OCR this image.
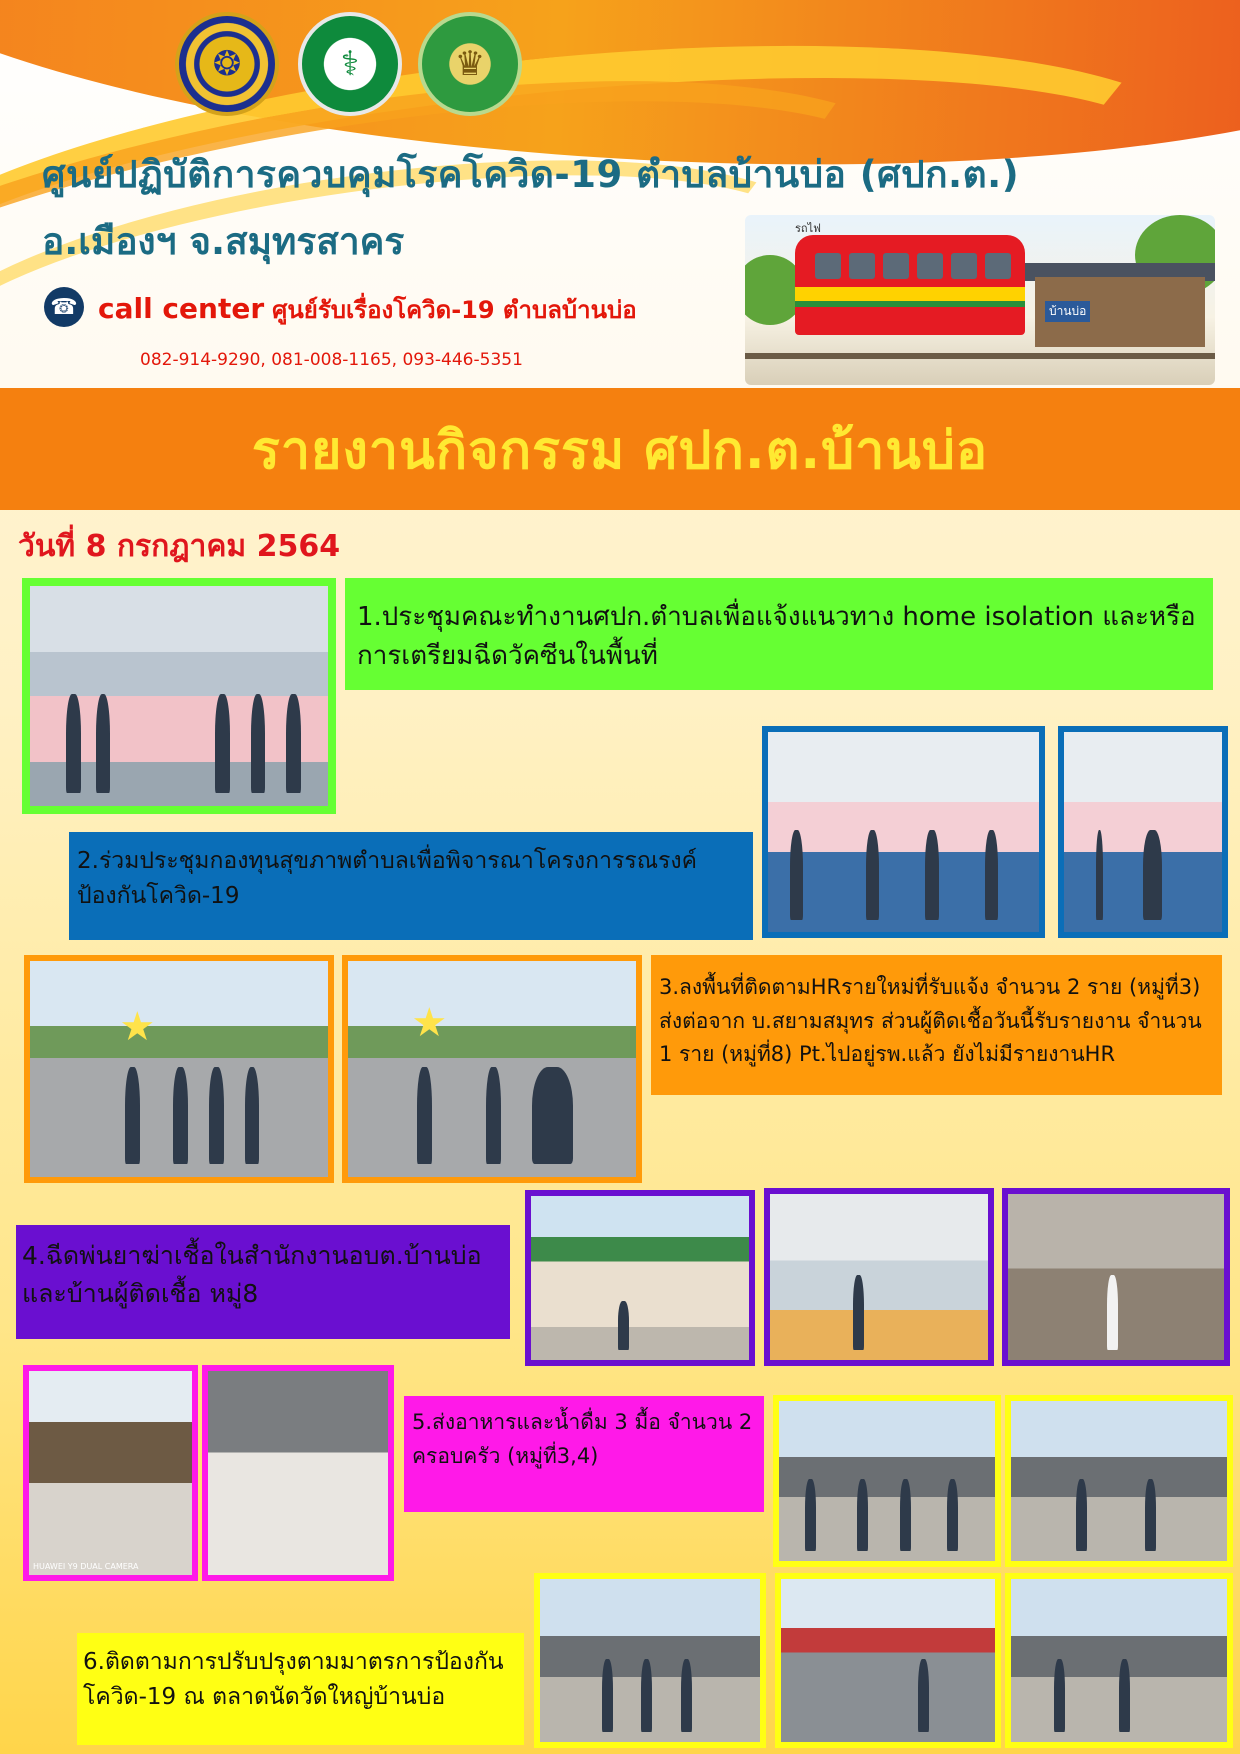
❂	⚕	♛
ศูนย์ปฏิบัติการควบคุมโรคโควิด-19 ตำบลบ้านบ่อ (ศปก.ต.)
อ.เมืองฯ จ.สมุทรสาคร
☎ call center ศูนย์รับเรื่องโควิด-19 ตำบลบ้านบ่อ
082-914-9290, 081-008-1165, 093-446-5351
รถไฟ
บ้านบ่อ
รายงานกิจกรรม ศปก.ต.บ้านบ่อ
วันที่ 8 กรกฎาคม 2564
1.ประชุมคณะทำงานศปก.ตำบลเพื่อแจ้งแนวทาง home isolation และหรือการเตรียมฉีดวัคซีนในพื้นที่
2.ร่วมประชุมกองทุนสุขภาพตำบลเพื่อพิจารณาโครงการรณรงค์ป้องกันโควิด-19
★	★
3.ลงพื้นที่ติดตามHRรายใหม่ที่รับแจ้ง จำนวน 2 ราย (หมู่ที่3) ส่งต่อจาก บ.สยามสมุทร ส่วนผู้ติดเชื้อวันนี้รับรายงาน จำนวน 1 ราย (หมู่ที่8) Pt.ไปอยู่รพ.แล้ว ยังไม่มีรายงานHR
4.ฉีดพ่นยาฆ่าเชื้อในสำนักงานอบต.บ้านบ่อและบ้านผู้ติดเชื้อ หมู่8
HUAWEI Y9 DUAL CAMERA
5.ส่งอาหารและน้ำดื่ม 3 มื้อ จำนวน 2 ครอบครัว (หมู่ที่3,4)
6.ติดตามการปรับปรุงตามมาตรการป้องกันโควิด-19 ณ ตลาดนัดวัดใหญ่บ้านบ่อ
